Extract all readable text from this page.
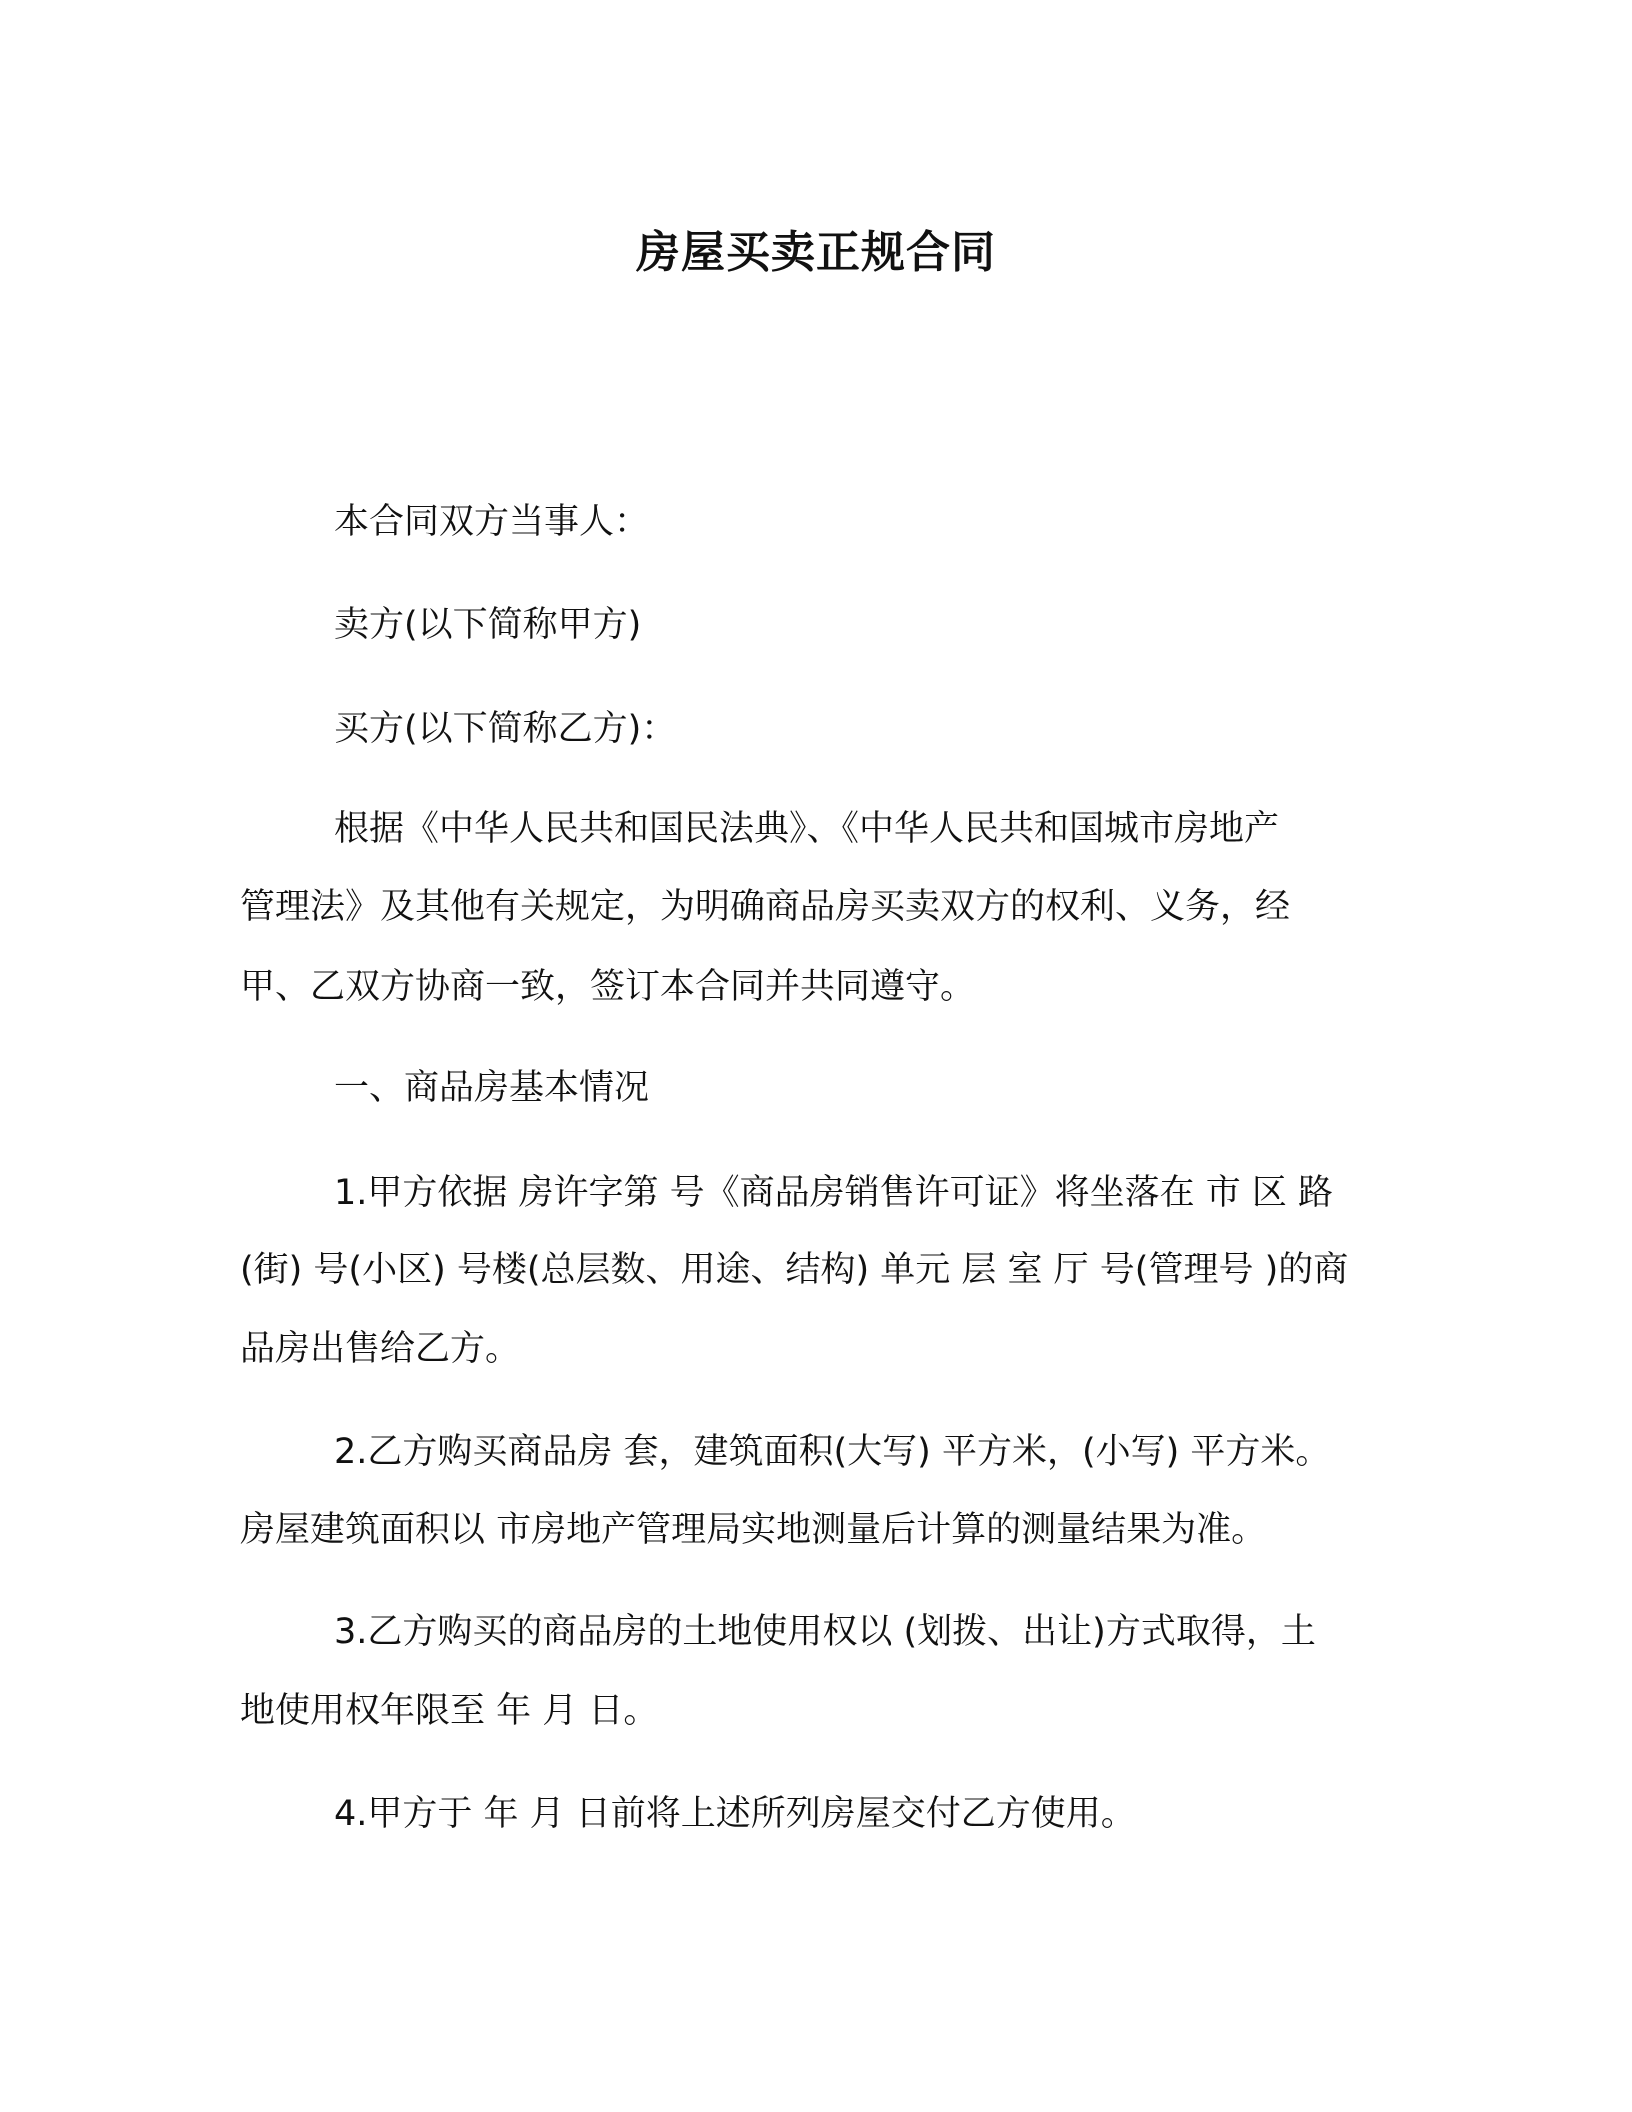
房屋买卖正规合同
本合同双方当事人：
卖方(以下简称甲方)
买方(以下简称乙方)：
根据《中华人民共和国民法典》、《中华人民共和国城市房地产
管理法》及其他有关规定，为明确商品房买卖双方的权利、义务，经
甲、乙双方协商一致，签订本合同并共同遵守。
一、商品房基本情况
1.甲方依据 房许字第 号《商品房销售许可证》将坐落在 市 区 路
(街) 号(小区) 号楼(总层数、用途、结构) 单元 层 室 厅 号(管理号 )的商
品房出售给乙方。
2.乙方购买商品房 套，建筑面积(大写) 平方米，(小写) 平方米。
房屋建筑面积以 市房地产管理局实地测量后计算的测量结果为准。
3.乙方购买的商品房的土地使用权以 (划拨、出让)方式取得，土
地使用权年限至 年 月 日。
4.甲方于 年 月 日前将上述所列房屋交付乙方使用。
